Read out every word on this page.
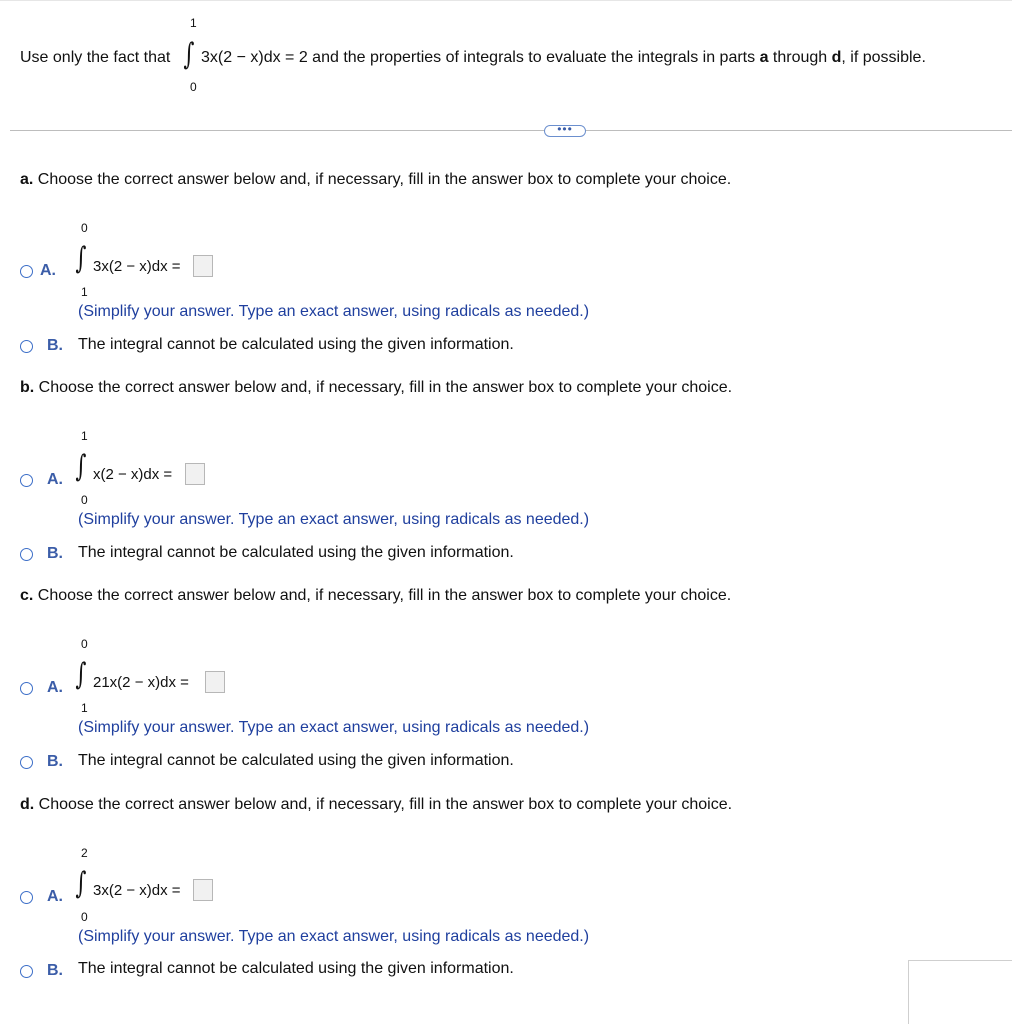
Use only the fact that
1
∫
0
3x(2 − x)dx = 2 and the properties of integrals to evaluate the integrals in parts a through d, if possible.
•••
a. Choose the correct answer below and, if necessary, fill in the answer box to complete your choice.
A.
0
∫
1
3x(2 − x)dx =
(Simplify your answer. Type an exact answer, using radicals as needed.)
B. The integral cannot be calculated using the given information.
b. Choose the correct answer below and, if necessary, fill in the answer box to complete your choice.
A.
1
∫
0
x(2 − x)dx =
(Simplify your answer. Type an exact answer, using radicals as needed.)
B. The integral cannot be calculated using the given information.
c. Choose the correct answer below and, if necessary, fill in the answer box to complete your choice.
A.
0
∫
1
21x(2 − x)dx =
(Simplify your answer. Type an exact answer, using radicals as needed.)
B. The integral cannot be calculated using the given information.
d. Choose the correct answer below and, if necessary, fill in the answer box to complete your choice.
A.
2
∫
0
3x(2 − x)dx =
(Simplify your answer. Type an exact answer, using radicals as needed.)
B. The integral cannot be calculated using the given information.
